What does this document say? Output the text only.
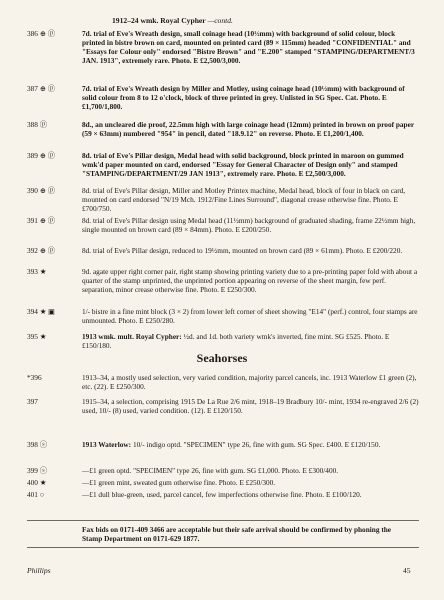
1912–24 wmk. Royal Cypher —contd.
386 ⊕ ⓟ	7d. trial of Eve's Wreath design, small coinage head (10½mm) with background of solid colour, block printed in bistre brown on card, mounted on printed card (89 × 115mm) headed "CONFIDENTIAL" and "Essays for Colour only" endorsed "Bistre Brown" and "E.200" stamped "STAMPING/DEPARTMENT/3 JAN. 1913", extremely rare. Photo. E £2,500/3,000.
387 ⊕ ⓟ	7d. trial of Eve's Wreath design by Miller and Motley, using coinage head (10½mm) with background of solid colour from 8 to 12 o'clock, block of three printed in grey. Unlisted in SG Spec. Cat. Photo. E £1,700/1,800.
388 ⓟ	8d., an uncleared die proof, 22.5mm high with large coinage head (12mm) printed in brown on proof paper (59 × 63mm) numbered "954" in pencil, dated "18.9.12" on reverse. Photo. E £1,200/1,400.
389 ⊕ ⓟ	8d. trial of Eve's Pillar design, Medal head with solid background, block printed in maroon on gummed wmk'd paper mounted on card, endorsed "Essay for General Character of Design only" and stamped "STAMPING/DEPARTMENT/29 JAN 1913", extremely rare. Photo. E £2,500/3,000.
390 ⊕ ⓟ	8d. trial of Eve's Pillar design, Miller and Motley Printex machine, Medal head, block of four in black on card, mounted on card endorsed "N/19 Mch. 1912/Fine Lines Surround", diagonal crease otherwise fine. Photo. E £700/750.
391 ⊕ ⓟ	8d. trial of Eve's Pillar design using Medal head (11½mm) background of graduated shading, frame 22½mm high, single mounted on brown card (89 × 84mm). Photo. E £200/250.
392 ⊕ ⓟ	8d. trial of Eve's Pillar design, reduced to 19½mm, mounted on brown card (89 × 61mm). Photo. E £200/220.
393 ★	9d. agate upper right corner pair, right stamp showing printing variety due to a pre-printing paper fold with about a quarter of the stamp unprinted, the unprinted portion appearing on reverse of the sheet margin, few perf. separation, minor crease otherwise fine. Photo. E £250/300.
394 ★ ▣	1/- bistre in a fine mint block (3 × 2) from lower left corner of sheet showing "E14" (perf.) control, four stamps are unmounted. Photo. E £250/280.
395 ★	1913 wmk. mult. Royal Cypher: ½d. and 1d. both variety wmk's inverted, fine mint. SG £525. Photo. E £150/180.
Seahorses
*396	1913–34, a mostly used selection, very varied condition, majority parcel cancels, inc. 1913 Waterlow £1 green (2), etc. (22). E £250/300.
397	1915–34, a selection, comprising 1915 De La Rue 2/6 mint, 1918–19 Bradbury 10/- mint, 1934 re-engraved 2/6 (2) used, 10/- (8) used, varied condition. (12). E £120/150.
398 ⓢ	1913 Waterlow: 10/- indigo optd. "SPECIMEN" type 26, fine with gum. SG Spec. £400. E £120/150.
399 ⓢ	—£1 green optd. "SPECIMEN" type 26, fine with gum. SG £1,000. Photo. E £300/400.
400 ★	—£1 green mint, sweated gum otherwise fine. Photo. E £250/300.
401 ○	—£1 dull blue-green, used, parcel cancel, few imperfections otherwise fine. Photo. E £100/120.
Fax bids on 0171-409 3466 are acceptable but their safe arrival should be confirmed by phoning the Stamp Department on 0171-629 1877.
Phillips	45
